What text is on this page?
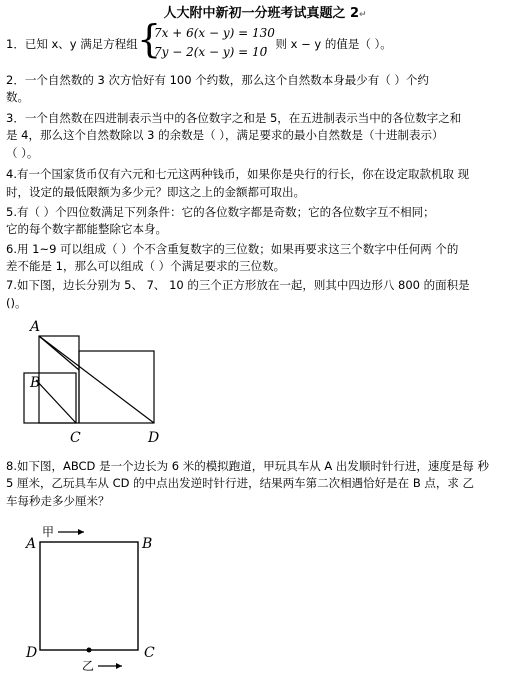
人大附中新初一分班考试真题之 2↵
1．已知 x、y 满足方程组 {
7x + 6(x − y) = 130
7y − 2(x − y) = 10
，则 x − y 的值是（ ）。
2．一个自然数的 3 次方恰好有 100 个约数，那么这个自然数本身最少有（ ）个约
数。
3．一个自然数在四进制表示当中的各位数字之和是 5，在五进制表示当中的各位数字之和
是 4，那么这个自然数除以 3 的余数是（ ），满足要求的最小自然数是（十进制表示）
（ ）。
4.有一个国家货币仅有六元和七元这两种钱币，如果你是央行的行长，你在设定取款机取 现
时，设定的最低限额为多少元？即这之上的金额都可取出。
5.有（ ）个四位数满足下列条件：它的各位数字都是奇数；它的各位数字互不相同；
它的每个数字都能整除它本身。
6.用 1~9 可以组成（ ）个不含重复数字的三位数；如果再要求这三个数字中任何两 个的
差不能是 1，那么可以组成（ ）个满足要求的三位数。
7.如下图，边长分别为 5、 7、 10 的三个正方形放在一起，则其中四边形八 800 的面积是
()。
A
B
C	D
8.如下图，ABCD 是一个边长为 6 米的模拟跑道，甲玩具车从 A 出发顺时针行进，速度是每 秒
5 厘米，乙玩具车从 CD 的中点出发逆时针行进，结果两车第二次相遇恰好是在 B 点，求 乙
车每秒走多少厘米？
A	B
C
D
甲
乙
